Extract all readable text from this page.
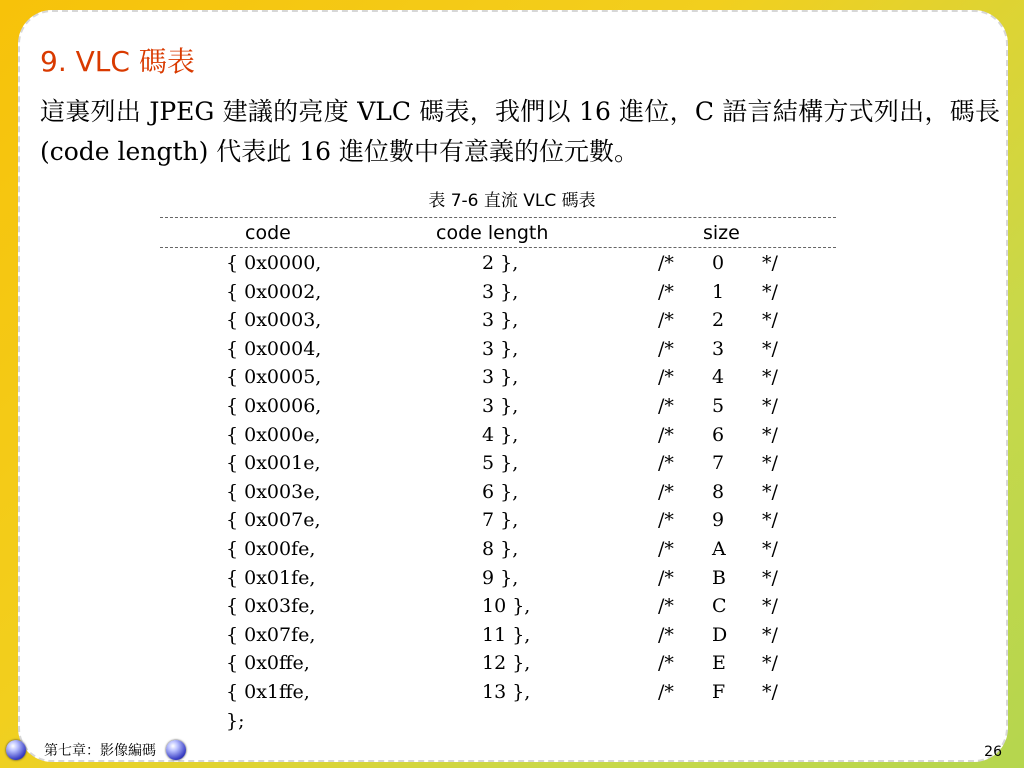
9. VLC 碼表

這裏列出 JPEG 建議的亮度 VLC 碼表，我們以 16 進位，C 語言結構方式列出，碼長 (code length) 代表此 16 進位數中有意義的位元數。

表 7-6 直流 VLC 碼表
code	code length	size
{ 0x0000,	2 },	/* 0 */
{ 0x0002,	3 },	/* 1 */
{ 0x0003,	3 },	/* 2 */
{ 0x0004,	3 },	/* 3 */
{ 0x0005,	3 },	/* 4 */
{ 0x0006,	3 },	/* 5 */
{ 0x000e,	4 },	/* 6 */
{ 0x001e,	5 },	/* 7 */
{ 0x003e,	6 },	/* 8 */
{ 0x007e,	7 },	/* 9 */
{ 0x00fe,	8 },	/* A */
{ 0x01fe,	9 },	/* B */
{ 0x03fe,	10 },	/* C */
{ 0x07fe,	11 },	/* D */
{ 0x0ffe,	12 },	/* E */
{ 0x1ffe,	13 },	/* F */
};
第七章：影像編碼	26
